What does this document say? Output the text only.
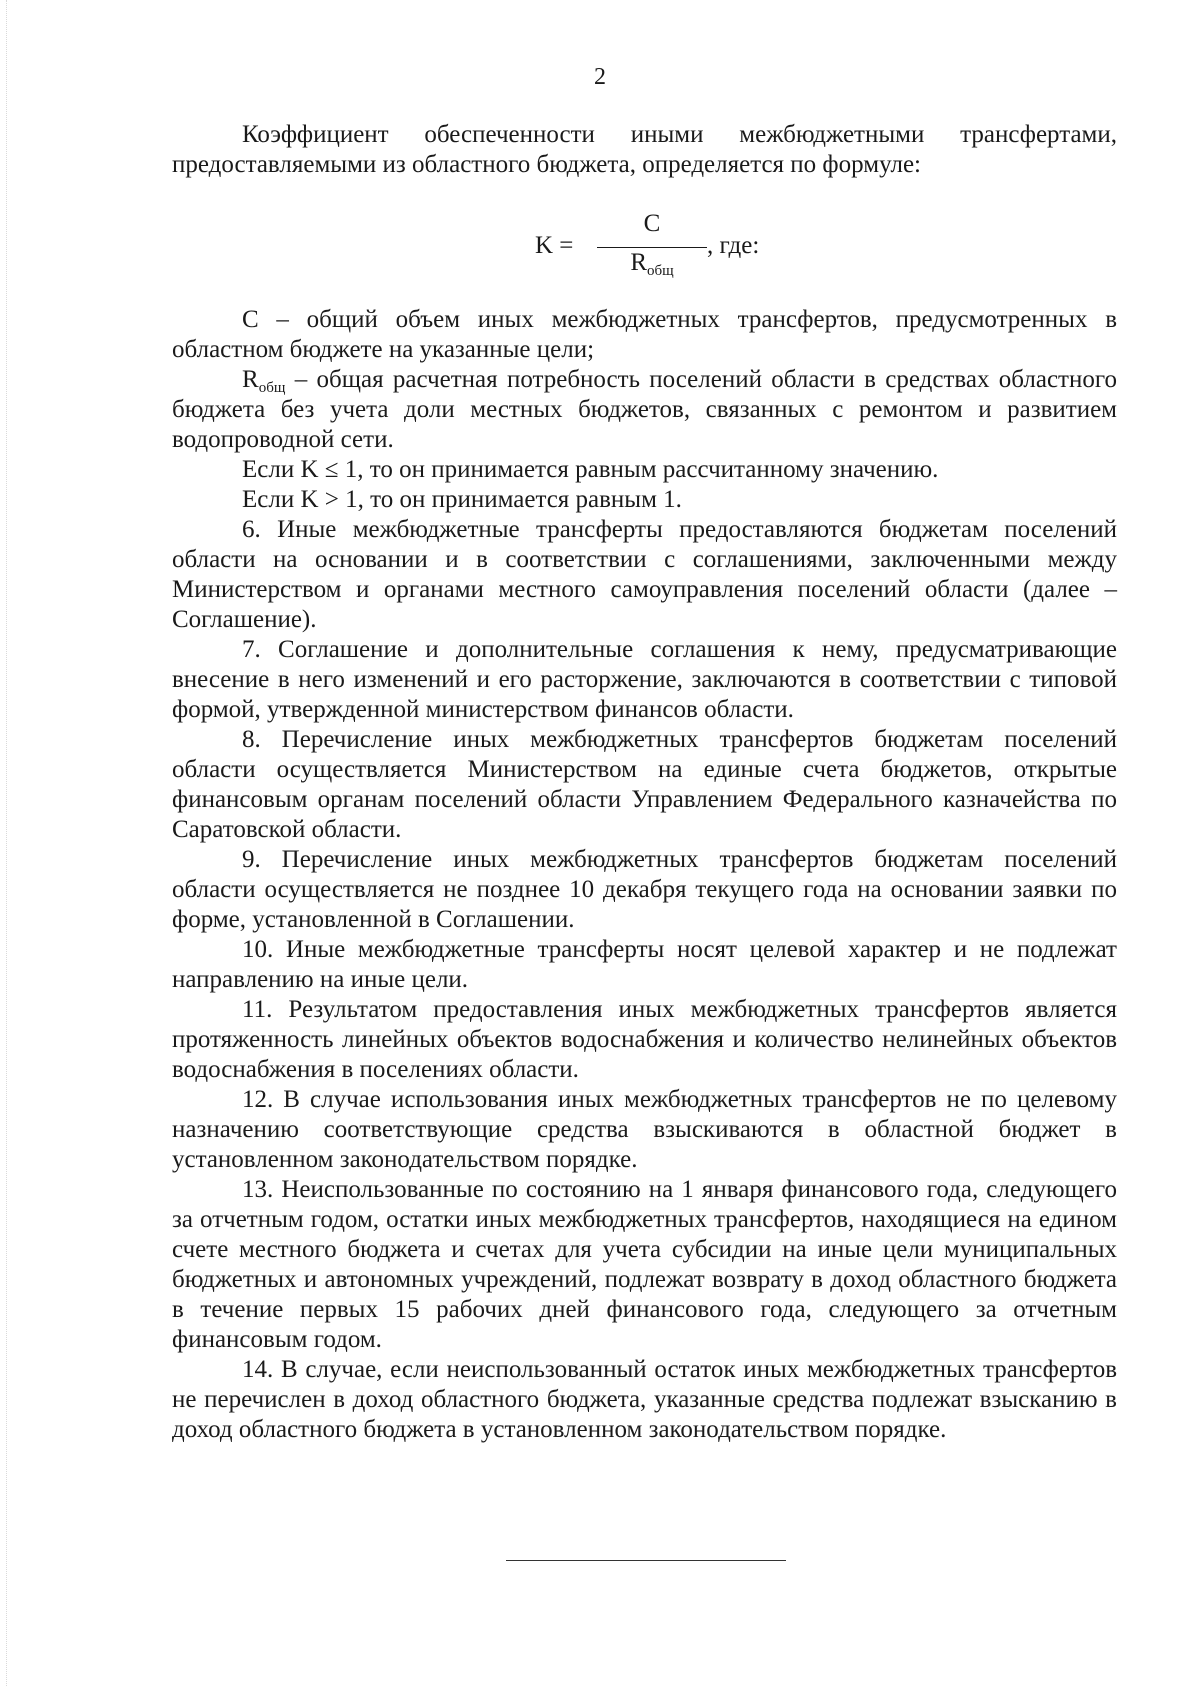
2

Коэффициент обеспеченности иными межбюджетными трансфертами, предоставляемыми из областного бюджета, определяется по формуле:

K =
C
$R_{общ}$
, где:

C – общий объем иных межбюджетных трансфертов, предусмотренных в областном бюджете на указанные цели;

$R_{общ}$ – общая расчетная потребность поселений области в средствах областного бюджета без учета доли местных бюджетов, связанных с ремонтом и развитием водопроводной сети.

Если K ≤ 1, то он принимается равным рассчитанному значению.

Если K > 1, то он принимается равным 1.

6. Иные межбюджетные трансферты предоставляются бюджетам поселений области на основании и в соответствии с соглашениями, заключенными между Министерством и органами местного самоуправления поселений области (далее – Соглашение).

7. Соглашение и дополнительные соглашения к нему, предусматривающие внесение в него изменений и его расторжение, заключаются в соответствии с типовой формой, утвержденной министерством финансов области.

8. Перечисление иных межбюджетных трансфертов бюджетам поселений области осуществляется Министерством на единые счета бюджетов, открытые финансовым органам поселений области Управлением Федерального казначейства по Саратовской области.

9. Перечисление иных межбюджетных трансфертов бюджетам поселений области осуществляется не позднее 10 декабря текущего года на основании заявки по форме, установленной в Соглашении.

10. Иные межбюджетные трансферты носят целевой характер и не подлежат направлению на иные цели.

11. Результатом предоставления иных межбюджетных трансфертов является протяженность линейных объектов водоснабжения и количество нелинейных объектов водоснабжения в поселениях области.

12. В случае использования иных межбюджетных трансфертов не по целевому назначению соответствующие средства взыскиваются в областной бюджет в установленном законодательством порядке.

13. Неиспользованные по состоянию на 1 января финансового года, следующего за отчетным годом, остатки иных межбюджетных трансфертов, находящиеся на едином счете местного бюджета и счетах для учета субсидии на иные цели муниципальных бюджетных и автономных учреждений, подлежат возврату в доход областного бюджета в течение первых 15 рабочих дней финансового года, следующего за отчетным финансовым годом.

14. В случае, если неиспользованный остаток иных межбюджетных трансфертов не перечислен в доход областного бюджета, указанные средства подлежат взысканию в доход областного бюджета в установленном законодательством порядке.
